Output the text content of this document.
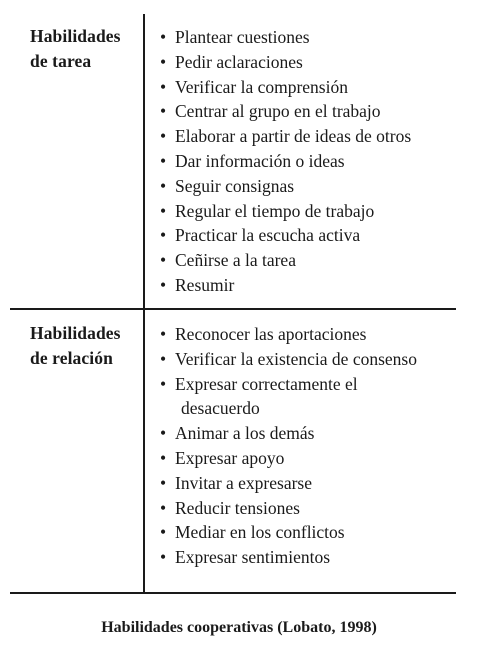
Habilidades
de tarea
• Plantear cuestiones
• Pedir aclaraciones
• Verificar la comprensión
• Centrar al grupo en el trabajo
• Elaborar a partir de ideas de otros
• Dar información o ideas
• Seguir consignas
• Regular el tiempo de trabajo
• Practicar la escucha activa
• Ceñirse a la tarea
• Resumir
Habilidades
de relación
• Reconocer las aportaciones
• Verificar la existencia de consenso
• Expresar correctamente el
desacuerdo
• Animar a los demás
• Expresar apoyo
• Invitar a expresarse
• Reducir tensiones
• Mediar en los conflictos
• Expresar sentimientos
Habilidades cooperativas (Lobato, 1998)
